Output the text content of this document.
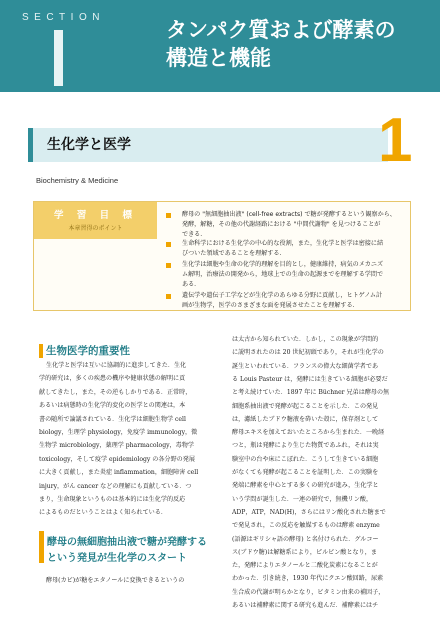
SECTION
タンパク質および酵素の
構造と機能
生化学と医学	1
Biochemistry & Medicine
学 習 目 標
本章習得のポイント
酵母の "無細胞抽出液" (cell-free extracts) で糖が発酵するという観察から、
発酵，解糖，その他の代謝経路における "中間代謝物" を見つけることが
できる.
生命科学における生化学の中心的な役割，また，生化学と医学は密接に結
びついた領域であることを理解する.
生化学は細胞や生命の化学的理解を目的とし，健康維持，病気のメカニズ
ム解明，治療法の開発から，地球上での生命の起源までを理解する学問で
ある.
遺伝学や遺伝子工学などが生化学のあらゆる分野に貢献し，ヒトゲノム計
画が生物学，医学のさまざまな面を発展させたことを理解する.
生物医学的重要性
生化学と医学は互いに協調的に進歩してきた．生化
学的研究は，多くの疾患の機序や健康状態の解明に貢
献してきたし，また，その逆もしかりである．正常時，
あるいは病態時の生化学的変化の医学との関連は，本
書の随所で論議されている．生化学は細胞生物学 cell
biology，生理学 physiology，免疫学 immunology，微
生物学 microbiology，薬理学 pharmacology，毒物学
toxicology，そして疫学 epidemiology の各分野の発展
に大きく貢献し，また炎症 inflammation，細胞障害 cell
injury，がん cancer などの理解にも貢献している．つ
まり，生命現象というものは基本的には生化学的反応
によるものだということはよく知られている．
酵母の無細胞抽出液で糖が発酵する
という発見が生化学のスタート
酵母(カビ)が糖をエタノールに変換できるというの
は太古から知られていた．しかし，この現象が学問的
に説明されたのは 20 世紀初頭であり，それが生化学の
誕生といわれている．フランスの偉大な細菌学者であ
る Louis Pasteur は，発酵には生きている細胞が必要だ
と考え続けていた．1897 年に Büchner 兄弟は酵母の無
細胞系抽出液で発酵が起こることを示した．この発見
は，濾紙したブドウ糖液を砕いた殻に，保存剤として
酵母エキスを加えておいたところから生まれた．一晩経
つと，瓶は発酵により生じた物質であふれ，それは実
験室中の台や床にこぼれた．こうして生きている細胞
がなくても発酵が起こることを証明した．この実験を
発端に酵素を中心とする多くの研究が進み，生化学と
いう学問が誕生した．一連の研究で，無機リン酸，
ADP，ATP，NAD(H)，さらにはリン酸化された糖まで
で発見され，この反応を触媒するものは酵素 enzyme
(語源はギリシャ語の酵母) と名付けられた．グルコー
ス(ブドウ糖)は解糖系により，ピルビン酸となり，ま
た，発酵によりエタノールと二酸化炭素になることが
わかった．引き続き，1930 年代にクエン酸回路，尿素
生合成の代謝が明らかとなり，ビタミン由来の補因子，
あるいは補酵素に関する研究も進んだ．補酵素にはチ
